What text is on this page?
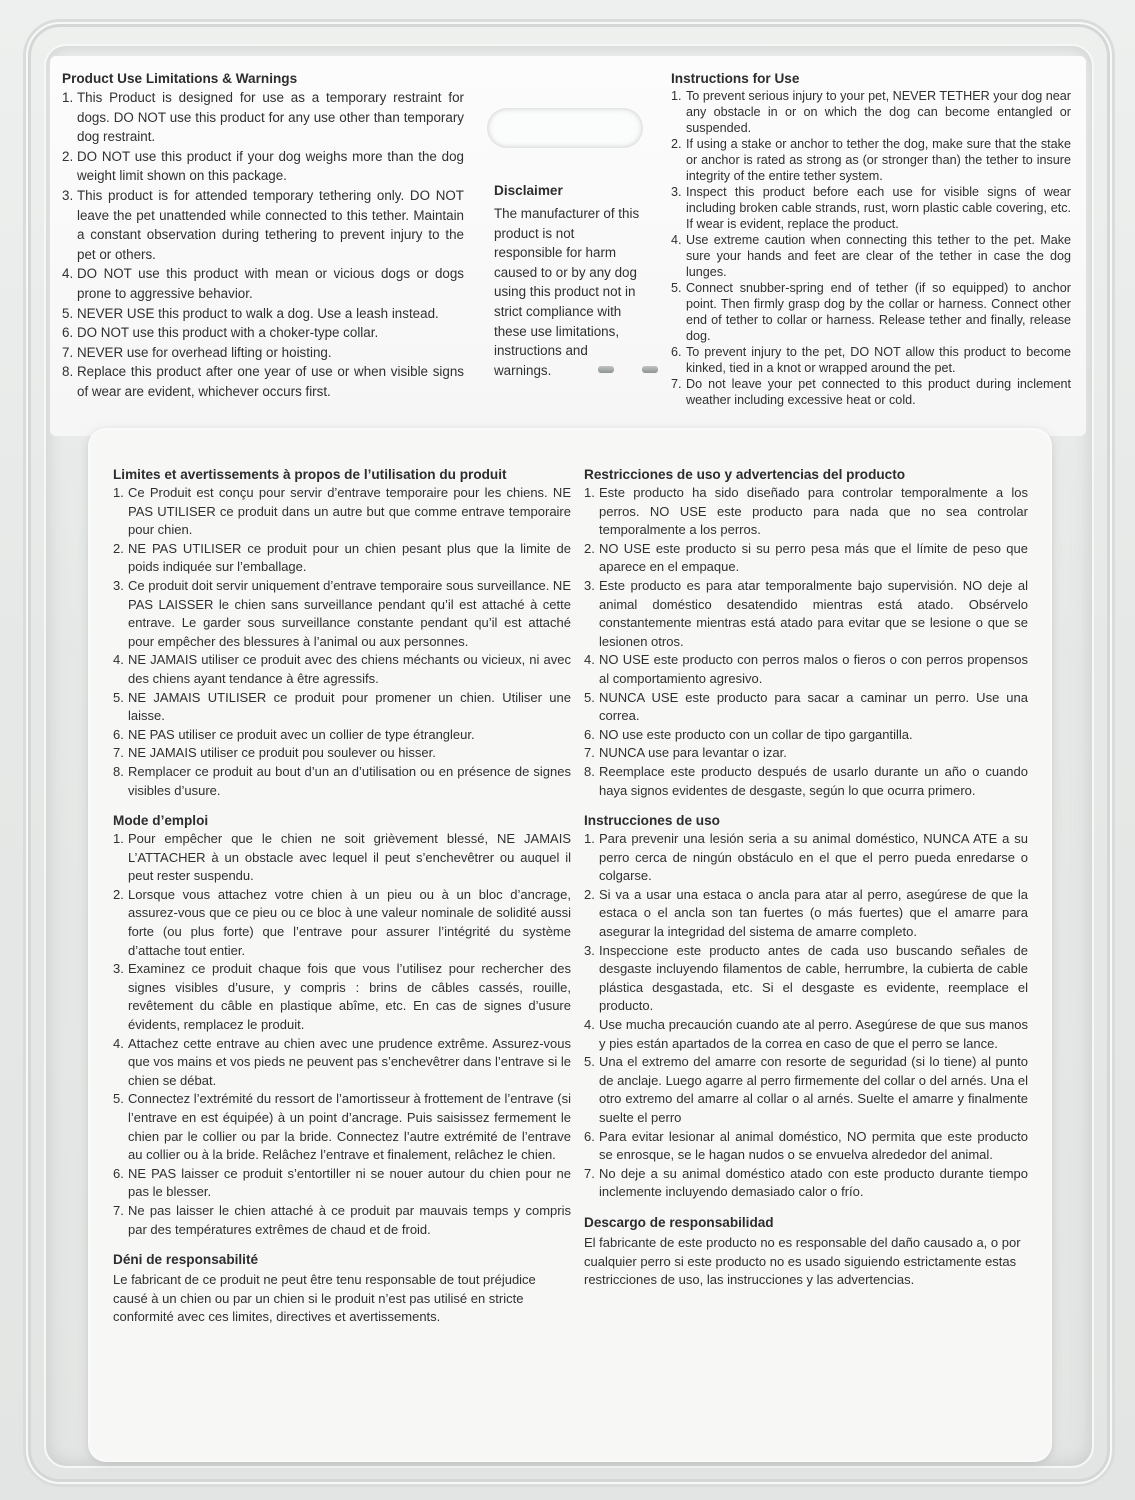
Product Use Limitations & Warnings
1. This Product is designed for use as a temporary restraint for dogs. DO NOT use this product for any use other than temporary dog restraint.
2. DO NOT use this product if your dog weighs more than the dog weight limit shown on this package.
3. This product is for attended temporary tethering only. DO NOT leave the pet unattended while connected to this tether. Maintain a constant observation during tethering to prevent injury to the pet or others.
4. DO NOT use this product with mean or vicious dogs or dogs prone to aggressive behavior.
5. NEVER USE this product to walk a dog. Use a leash instead.
6. DO NOT use this product with a choker-type collar.
7. NEVER use for overhead lifting or hoisting.
8. Replace this product after one year of use or when visible signs of wear are evident, whichever occurs first.
Disclaimer
The manufacturer of this product is not responsible for harm caused to or by any dog using this product not in strict compliance with these use limitations, instructions and warnings.
Instructions for Use
1. To prevent serious injury to your pet, NEVER TETHER your dog near any obstacle in or on which the dog can become entangled or suspended.
2. If using a stake or anchor to tether the dog, make sure that the stake or anchor is rated as strong as (or stronger than) the tether to insure integrity of the entire tether system.
3. Inspect this product before each use for visible signs of wear including broken cable strands, rust, worn plastic cable covering, etc. If wear is evident, replace the product.
4. Use extreme caution when connecting this tether to the pet. Make sure your hands and feet are clear of the tether in case the dog lunges.
5. Connect snubber-spring end of tether (if so equipped) to anchor point. Then firmly grasp dog by the collar or harness. Connect other end of tether to collar or harness. Release tether and finally, release dog.
6. To prevent injury to the pet, DO NOT allow this product to become kinked, tied in a knot or wrapped around the pet.
7. Do not leave your pet connected to this product during inclement weather including excessive heat or cold.
Limites et avertissements à propos de l’utilisation du produit
1. Ce Produit est conçu pour servir d’entrave temporaire pour les chiens. NE PAS UTILISER ce produit dans un autre but que comme entrave temporaire pour chien.
2. NE PAS UTILISER ce produit pour un chien pesant plus que la limite de poids indiquée sur l’emballage.
3. Ce produit doit servir uniquement d’entrave temporaire sous surveillance. NE PAS LAISSER le chien sans surveillance pendant qu’il est attaché à cette entrave. Le garder sous surveillance constante pendant qu’il est attaché pour empêcher des blessures à l’animal ou aux personnes.
4. NE JAMAIS utiliser ce produit avec des chiens méchants ou vicieux, ni avec des chiens ayant tendance à être agressifs.
5. NE JAMAIS UTILISER ce produit pour promener un chien. Utiliser une laisse.
6. NE PAS utiliser ce produit avec un collier de type étrangleur.
7. NE JAMAIS utiliser ce produit pou soulever ou hisser.
8. Remplacer ce produit au bout d’un an d’utilisation ou en présence de signes visibles d’usure.
Mode d’emploi
1. Pour empêcher que le chien ne soit grièvement blessé, NE JAMAIS L’ATTACHER à un obstacle avec lequel il peut s’enchevêtrer ou auquel il peut rester suspendu.
2. Lorsque vous attachez votre chien à un pieu ou à un bloc d’ancrage, assurez-vous que ce pieu ou ce bloc à une valeur nominale de solidité aussi forte (ou plus forte) que l’entrave pour assurer l’intégrité du système d’attache tout entier.
3. Examinez ce produit chaque fois que vous l’utilisez pour rechercher des signes visibles d’usure, y compris : brins de câbles cassés, rouille, revêtement du câble en plastique abîme, etc. En cas de signes d’usure évidents, remplacez le produit.
4. Attachez cette entrave au chien avec une prudence extrême. Assurez-vous que vos mains et vos pieds ne peuvent pas s’enchevêtrer dans l’entrave si le chien se débat.
5. Connectez l’extrémité du ressort de l’amortisseur à frottement de l’entrave (si l’entrave en est équipée) à un point d’ancrage. Puis saisissez fermement le chien par le collier ou par la bride. Connectez l’autre extrémité de l’entrave au collier ou à la bride. Relâchez l’entrave et finalement, relâchez le chien.
6. NE PAS laisser ce produit s’entortiller ni se nouer autour du chien pour ne pas le blesser.
7. Ne pas laisser le chien attaché à ce produit par mauvais temps y compris par des températures extrêmes de chaud et de froid.
Déni de responsabilité
Le fabricant de ce produit ne peut être tenu responsable de tout préjudice causé à un chien ou par un chien si le produit n’est pas utilisé en stricte conformité avec ces limites, directives et avertissements.
Restricciones de uso y advertencias del producto
1. Este producto ha sido diseñado para controlar temporalmente a los perros. NO USE este producto para nada que no sea controlar temporalmente a los perros.
2. NO USE este producto si su perro pesa más que el límite de peso que aparece en el empaque.
3. Este producto es para atar temporalmente bajo supervisión. NO deje al animal doméstico desatendido mientras está atado. Obsérvelo constantemente mientras está atado para evitar que se lesione o que se lesionen otros.
4. NO USE este producto con perros malos o fieros o con perros propensos al comportamiento agresivo.
5. NUNCA USE este producto para sacar a caminar un perro. Use una correa.
6. NO use este producto con un collar de tipo gargantilla.
7. NUNCA use para levantar o izar.
8. Reemplace este producto después de usarlo durante un año o cuando haya signos evidentes de desgaste, según lo que ocurra primero.
Instrucciones de uso
1. Para prevenir una lesión seria a su animal doméstico, NUNCA ATE a su perro cerca de ningún obstáculo en el que el perro pueda enredarse o colgarse.
2. Si va a usar una estaca o ancla para atar al perro, asegúrese de que la estaca o el ancla son tan fuertes (o más fuertes) que el amarre para asegurar la integridad del sistema de amarre completo.
3. Inspeccione este producto antes de cada uso buscando señales de desgaste incluyendo filamentos de cable, herrumbre, la cubierta de cable plástica desgastada, etc. Si el desgaste es evidente, reemplace el producto.
4. Use mucha precaución cuando ate al perro. Asegúrese de que sus manos y pies están apartados de la correa en caso de que el perro se lance.
5. Una el extremo del amarre con resorte de seguridad (si lo tiene) al punto de anclaje. Luego agarre al perro firmemente del collar o del arnés. Una el otro extremo del amarre al collar o al arnés. Suelte el amarre y finalmente suelte el perro
6. Para evitar lesionar al animal doméstico, NO permita que este producto se enrosque, se le hagan nudos o se envuelva alrededor del animal.
7. No deje a su animal doméstico atado con este producto durante tiempo inclemente incluyendo demasiado calor o frío.
Descargo de responsabilidad
El fabricante de este producto no es responsable del daño causado a, o por cualquier perro si este producto no es usado siguiendo estrictamente estas restricciones de uso, las instrucciones y las advertencias.
